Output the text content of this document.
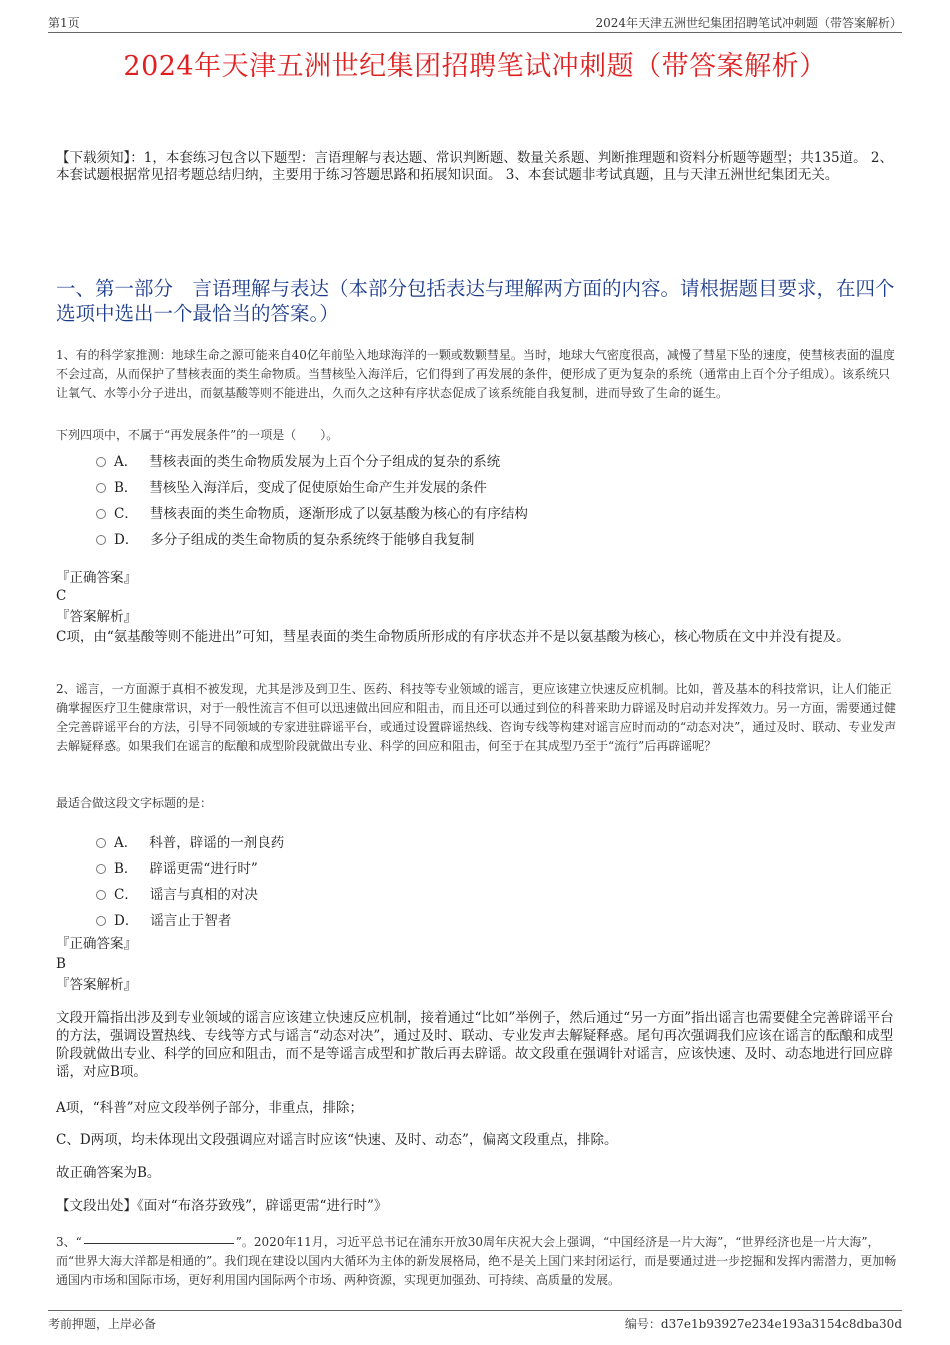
第1页	2024年天津五洲世纪集团招聘笔试冲刺题（带答案解析）
2024年天津五洲世纪集团招聘笔试冲刺题（带答案解析）
【下载须知】：1，本套练习包含以下题型：言语理解与表达题、常识判断题、数量关系题、判断推理题和资料分析题等题型；共135道。 2、本套试题根据常见招考题总结归纳，主要用于练习答题思路和拓展知识面。 3、本套试题非考试真题，且与天津五洲世纪集团无关。
一、第一部分　言语理解与表达（本部分包括表达与理解两方面的内容。请根据题目要求，在四个选项中选出一个最恰当的答案。）
1、有的科学家推测：地球生命之源可能来自40亿年前坠入地球海洋的一颗或数颗彗星。当时，地球大气密度很高，减慢了彗星下坠的速度，使彗核表面的温度不会过高，从而保护了彗核表面的类生命物质。当彗核坠入海洋后，它们得到了再发展的条件，便形成了更为复杂的系统（通常由上百个分子组成）。该系统只让氧气、水等小分子进出，而氨基酸等则不能进出，久而久之这种有序状态促成了该系统能自我复制，进而导致了生命的诞生。
下列四项中，不属于“再发展条件”的一项是（　　）。
A． 彗核表面的类生命物质发展为上百个分子组成的复杂的系统
B． 彗核坠入海洋后，变成了促使原始生命产生并发展的条件
C． 彗核表面的类生命物质，逐渐形成了以氨基酸为核心的有序结构
D． 多分子组成的类生命物质的复杂系统终于能够自我复制
『正确答案』
C
『答案解析』
C项，由“氨基酸等则不能进出”可知，彗星表面的类生命物质所形成的有序状态并不是以氨基酸为核心，核心物质在文中并没有提及。
2、谣言，一方面源于真相不被发现，尤其是涉及到卫生、医药、科技等专业领域的谣言，更应该建立快速反应机制。比如，普及基本的科技常识，让人们能正确掌握医疗卫生健康常识，对于一般性流言不但可以迅速做出回应和阻击，而且还可以通过到位的科普来助力辟谣及时启动并发挥效力。另一方面，需要通过健全完善辟谣平台的方法，引导不同领域的专家进驻辟谣平台，或通过设置辟谣热线、咨询专线等构建对谣言应时而动的“动态对决”，通过及时、联动、专业发声去解疑释惑。如果我们在谣言的酝酿和成型阶段就做出专业、科学的回应和阻击，何至于在其成型乃至于“流行”后再辟谣呢？
最适合做这段文字标题的是：
A． 科普，辟谣的一剂良药
B． 辟谣更需“进行时”
C． 谣言与真相的对决
D． 谣言止于智者
『正确答案』
B
『答案解析』
文段开篇指出涉及到专业领域的谣言应该建立快速反应机制，接着通过“比如”举例子，然后通过“另一方面”指出谣言也需要健全完善辟谣平台的方法，强调设置热线、专线等方式与谣言“动态对决”，通过及时、联动、专业发声去解疑释惑。尾句再次强调我们应该在谣言的酝酿和成型阶段就做出专业、科学的回应和阻击，而不是等谣言成型和扩散后再去辟谣。故文段重在强调针对谣言，应该快速、及时、动态地进行回应辟谣，对应B项。
A项，“科普”对应文段举例子部分，非重点，排除；
C、D两项，均未体现出文段强调应对谣言时应该“快速、及时、动态”，偏离文段重点，排除。
故正确答案为B。
【文段出处】《面对“布洛芬致残”，辟谣更需“进行时”》
3、“	”。2020年11月，习近平总书记在浦东开放30周年庆祝大会上强调，“中国经济是一片大海”，“世界经济也是一片大海”，而“世界大海大洋都是相通的”。我们现在建设以国内大循环为主体的新发展格局，绝不是关上国门来封闭运行，而是要通过进一步挖掘和发挥内需潜力，更加畅通国内市场和国际市场，更好利用国内国际两个市场、两种资源，实现更加强劲、可持续、高质量的发展。
考前押题，上岸必备	编号：d37e1b93927e234e193a3154c8dba30d
